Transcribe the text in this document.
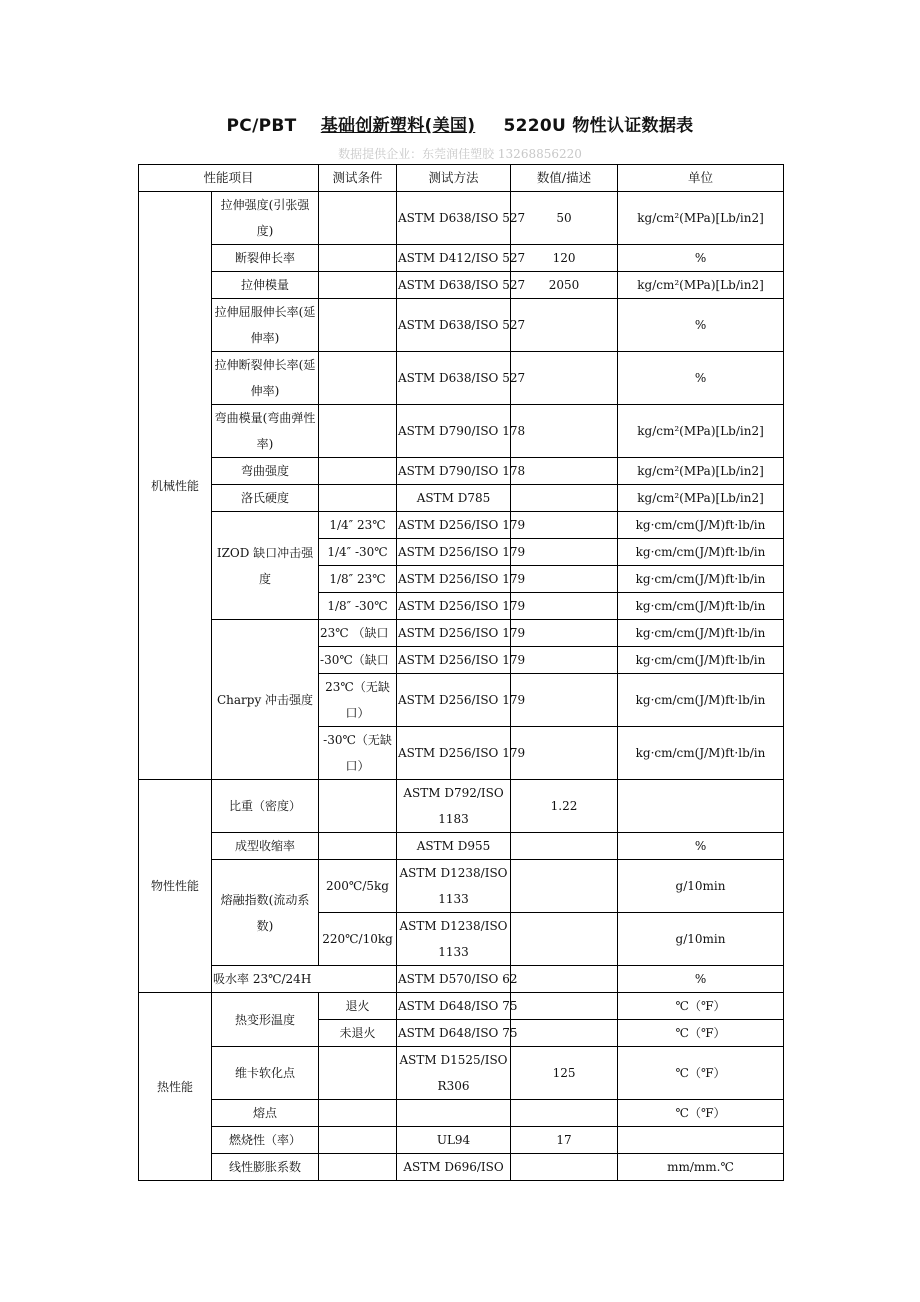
PC/PBT 基础创新塑料(美国) 5220U 物性认证数据表
数据提供企业：东莞润佳塑胶 13268856220
性能项目		测试条件	测试方法	数值/描述	单位
机械性能	拉伸强度(引张强度)		ASTM D638/ISO 527	50	kg/cm²(MPa)[Lb/in2]
	断裂伸长率		ASTM D412/ISO 527	120	%
	拉伸模量		ASTM D638/ISO 527	2050	kg/cm²(MPa)[Lb/in2]
	拉伸屈服伸长率(延伸率)		ASTM D638/ISO 527		%
	拉伸断裂伸长率(延伸率)		ASTM D638/ISO 527		%
	弯曲模量(弯曲弹性率)		ASTM D790/ISO 178		kg/cm²(MPa)[Lb/in2]
	弯曲强度		ASTM D790/ISO 178		kg/cm²(MPa)[Lb/in2]
	洛氏硬度		ASTM D785		kg/cm²(MPa)[Lb/in2]
	IZOD 缺口冲击强度	1/4″ 23℃	ASTM D256/ISO 179		kg·cm/cm(J/M)ft·lb/in
		1/4″ -30℃	ASTM D256/ISO 179		kg·cm/cm(J/M)ft·lb/in
		1/8″ 23℃	ASTM D256/ISO 179		kg·cm/cm(J/M)ft·lb/in
		1/8″ -30℃	ASTM D256/ISO 179		kg·cm/cm(J/M)ft·lb/in
	Charpy 冲击强度	23℃ （缺口	ASTM D256/ISO 179		kg·cm/cm(J/M)ft·lb/in
		-30℃（缺口	ASTM D256/ISO 179		kg·cm/cm(J/M)ft·lb/in
		23℃（无缺口）	ASTM D256/ISO 179		kg·cm/cm(J/M)ft·lb/in

		-30℃（无缺口）	ASTM D256/ISO 179		kg·cm/cm(J/M)ft·lb/in

物性性能	比重（密度）		ASTM D792/ISO 1183	1.22	
	成型收缩率		ASTM D955		%
	熔融指数(流动系数)	200℃/5kg	ASTM D1238/ISO 1133		g/10min
		220℃/10kg	ASTM D1238/ISO 1133		g/10min
	吸水率 23℃/24H		ASTM D570/ISO 62		%
热性能	热变形温度	退火	ASTM D648/ISO 75		℃（℉）
		未退火	ASTM D648/ISO 75		℃（℉）
	维卡软化点		ASTM D1525/ISO R306	125	℃（℉）
	熔点				℃（℉）
	燃烧性（率）		UL94	17	
	线性膨胀系数		ASTM D696/ISO		mm/mm.℃
